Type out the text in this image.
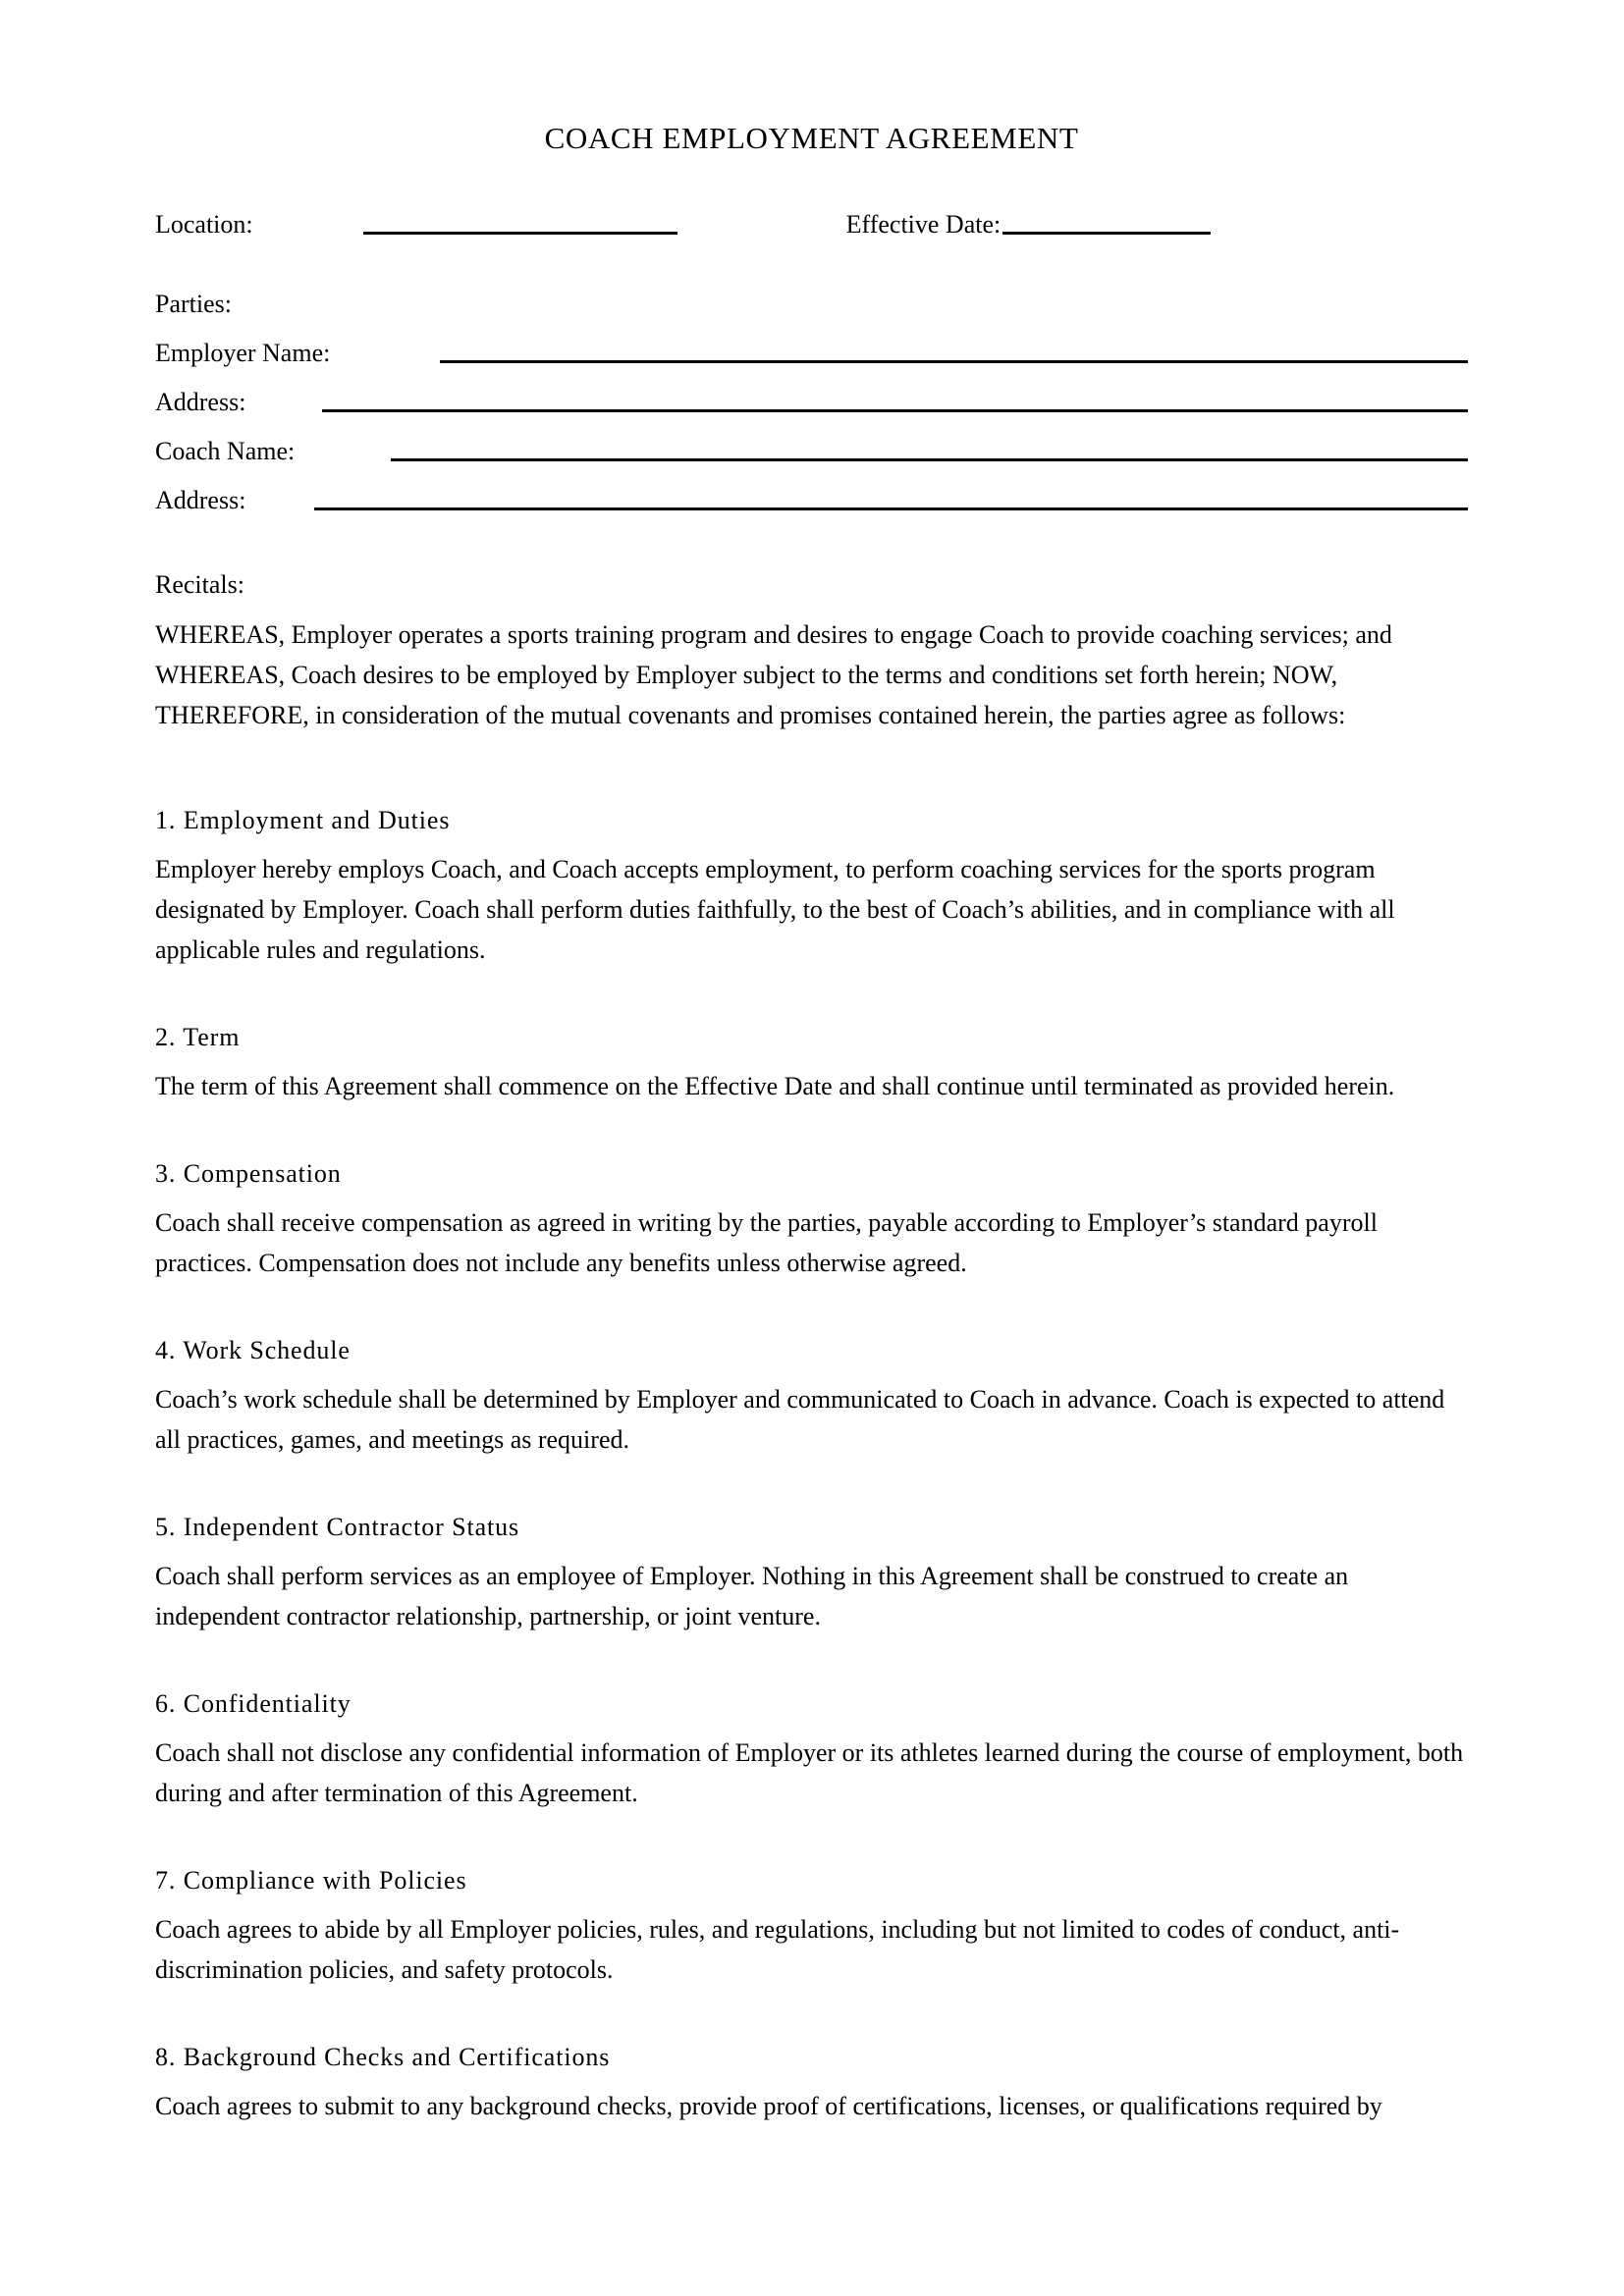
COACH EMPLOYMENT AGREEMENT
Location:	Effective Date:
Parties:
Employer Name:
Address:
Coach Name:
Address:
Recitals:

WHEREAS, Employer operates a sports training program and desires to engage Coach to provide coaching services; and WHEREAS, Coach desires to be employed by Employer subject to the terms and conditions set forth herein; NOW, THEREFORE, in consideration of the mutual covenants and promises contained herein, the parties agree as follows:

1. Employment and Duties

Employer hereby employs Coach, and Coach accepts employment, to perform coaching services for the sports program designated by Employer. Coach shall perform duties faithfully, to the best of Coach’s abilities, and in compliance with all applicable rules and regulations.

2. Term

The term of this Agreement shall commence on the Effective Date and shall continue until terminated as provided herein.

3. Compensation

Coach shall receive compensation as agreed in writing by the parties, payable according to Employer’s standard payroll practices. Compensation does not include any benefits unless otherwise agreed.

4. Work Schedule

Coach’s work schedule shall be determined by Employer and communicated to Coach in advance. Coach is expected to attend all practices, games, and meetings as required.

5. Independent Contractor Status

Coach shall perform services as an employee of Employer. Nothing in this Agreement shall be construed to create an independent contractor relationship, partnership, or joint venture.

6. Confidentiality

Coach shall not disclose any confidential information of Employer or its athletes learned during the course of employment, both during and after termination of this Agreement.

7. Compliance with Policies

Coach agrees to abide by all Employer policies, rules, and regulations, including but not limited to codes of conduct, anti-discrimination policies, and safety protocols.

8. Background Checks and Certifications

Coach agrees to submit to any background checks, provide proof of certifications, licenses, or qualifications required by
